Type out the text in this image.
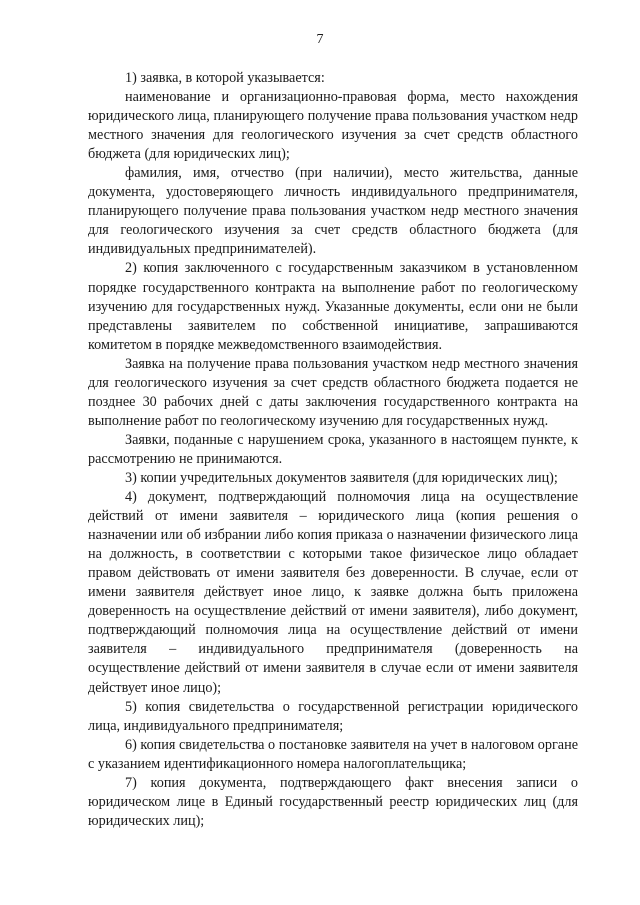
7

1) заявка, в которой указывается:

наименование и организационно-правовая форма, место нахождения юридического лица, планирующего получение права пользования участком недр местного значения для геологического изучения за счет средств областного бюджета (для юридических лиц);

фамилия, имя, отчество (при наличии), место жительства, данные документа, удостоверяющего личность индивидуального предпринимателя, планирующего получение права пользования участком недр местного значения для геологического изучения за счет средств областного бюджета (для индивидуальных предпринимателей).

2) копия заключенного с государственным заказчиком в установленном порядке государственного контракта на выполнение работ по геологическому изучению для государственных нужд. Указанные документы, если они не были представлены заявителем по собственной инициативе, запрашиваются комитетом в порядке межведомственного взаимодействия.

Заявка на получение права пользования участком недр местного значения для геологического изучения за счет средств областного бюджета подается не позднее 30 рабочих дней с даты заключения государственного контракта на выполнение работ по геологическому изучению для государственных нужд.

Заявки, поданные с нарушением срока, указанного в настоящем пункте, к рассмотрению не принимаются.

3) копии учредительных документов заявителя (для юридических лиц);

4) документ, подтверждающий полномочия лица на осуществление действий от имени заявителя – юридического лица (копия решения о назначении или об избрании либо копия приказа о назначении физического лица на должность, в соответствии с которыми такое физическое лицо обладает правом действовать от имени заявителя без доверенности. В случае, если от имени заявителя действует иное лицо, к заявке должна быть приложена доверенность на осуществление действий от имени заявителя), либо документ, подтверждающий полномочия лица на осуществление действий от имени заявителя – индивидуального предпринимателя (доверенность на осуществление действий от имени заявителя в случае если от имени заявителя действует иное лицо);

5) копия свидетельства о государственной регистрации юридического лица, индивидуального предпринимателя;

6) копия свидетельства о постановке заявителя на учет в налоговом органе с указанием идентификационного номера налогоплательщика;

7) копия документа, подтверждающего факт внесения записи о юридическом лице в Единый государственный реестр юридических лиц (для юридических лиц);
